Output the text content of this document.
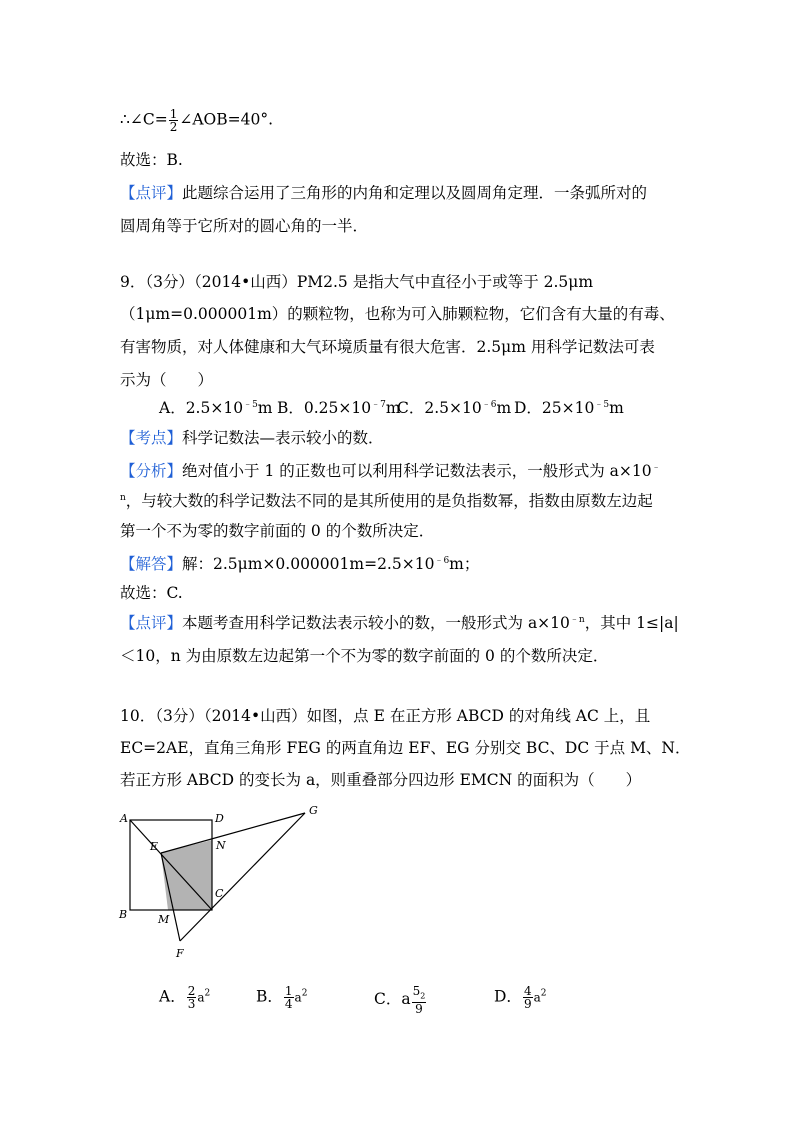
∴∠C= $\frac{1}{2}$ ∠AOB=40°.
故选：B.
【点评】此题综合运用了三角形的内角和定理以及圆周角定理．一条弧所对的
圆周角等于它所对的圆心角的一半．
9．（3分）（2014•山西）PM2.5 是指大气中直径小于或等于 2.5μm
（1μm=0.000001m）的颗粒物，也称为可入肺颗粒物，它们含有大量的有毒、
有害物质，对人体健康和大气环境质量有很大危害．2.5μm 用科学记数法可表
示为（　　）
A．$2.5\times 10^{﹣5}m$ B．$0.25\times 10^{﹣7}m$
C．$2.5\times 10^{﹣6}m$ D．$25\times 10^{﹣5}m$
【考点】科学记数法—表示较小的数．
【分析】绝对值小于 1 的正数也可以利用科学记数法表示，一般形式为 a×10﹣
$^n$，与较大数的科学记数法不同的是其所使用的是负指数幂，指数由原数左边起
第一个不为零的数字前面的 0 的个数所决定．
【解答】解：$2.5\mu m\times 0.000001m=2.5\times 10^{﹣6}m$；
故选：C.
【点评】本题考查用科学记数法表示较小的数，一般形式为 $a\times 10^{﹣n}$，其中 1≤|a|
＜10，n 为由原数左边起第一个不为零的数字前面的 0 的个数所决定．
10．（3分）（2014•山西）如图，点 E 在正方形 ABCD 的对角线 AC 上，且
EC=2AE，直角三角形 FEG 的两直角边 EF、EG 分别交 BC、DC 于点 M、N．
若正方形 ABCD 的变长为 a，则重叠部分四边形 EMCN 的面积为（　　）
A	D
G
E	N
C
B	M
F
A． $\frac{2}{3} a^2$	B． $\frac{1}{4} a^2$	C．a $\frac{5_2}{9}$	D． $\frac{4}{9} a^2$
